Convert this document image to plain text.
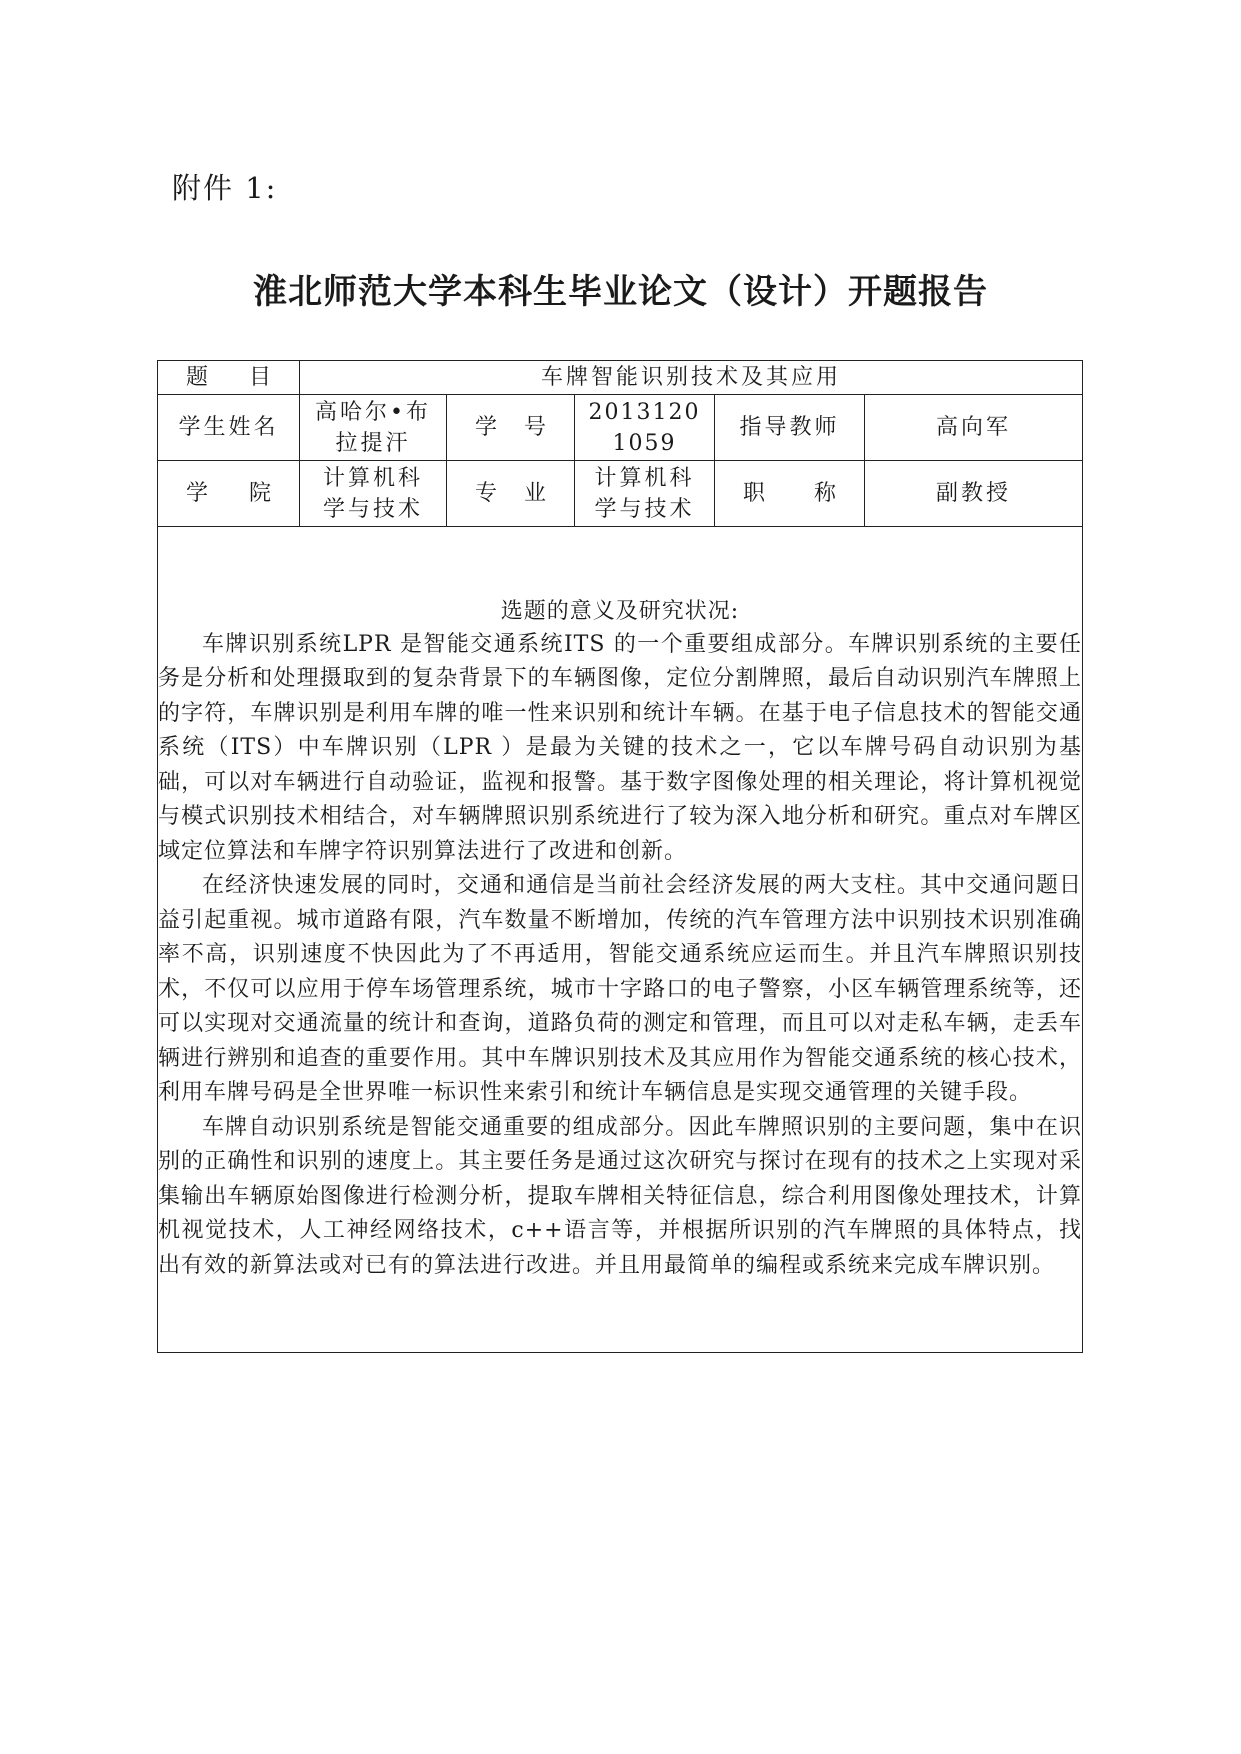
附件 1:
淮北师范大学本科生毕业论文（设计）开题报告
题 目	车牌智能识别技术及其应用				
学生姓名	高哈尔•布拉提汗	学 号	20131201059	指导教师	高向军

学 院	计算机科学与技术	专 业	计算机科学与技术	职 称	副教授

选题的意义及研究状况:

车牌识别系统LPR 是智能交通系统ITS 的一个重要组成部分。车牌识别系统的主要任务是分析和处理摄取到的复杂背景下的车辆图像，定位分割牌照，最后自动识别汽车牌照上的字符，车牌识别是利用车牌的唯一性来识别和统计车辆。在基于电子信息技术的智能交通系统（ITS）中车牌识别（LPR ）是最为关键的技术之一，它以车牌号码自动识别为基础，可以对车辆进行自动验证，监视和报警。基于数字图像处理的相关理论，将计算机视觉与模式识别技术相结合，对车辆牌照识别系统进行了较为深入地分析和研究。重点对车牌区域定位算法和车牌字符识别算法进行了改进和创新。

在经济快速发展的同时，交通和通信是当前社会经济发展的两大支柱。其中交通问题日益引起重视。城市道路有限，汽车数量不断增加，传统的汽车管理方法中识别技术识别准确率不高，识别速度不快因此为了不再适用，智能交通系统应运而生。并且汽车牌照识别技术，不仅可以应用于停车场管理系统，城市十字路口的电子警察，小区车辆管理系统等，还可以实现对交通流量的统计和查询，道路负荷的测定和管理，而且可以对走私车辆，走丢车辆进行辨别和追查的重要作用。其中车牌识别技术及其应用作为智能交通系统的核心技术，利用车牌号码是全世界唯一标识性来索引和统计车辆信息是实现交通管理的关键手段。

车牌自动识别系统是智能交通重要的组成部分。因此车牌照识别的主要问题，集中在识别的正确性和识别的速度上。其主要任务是通过这次研究与探讨在现有的技术之上实现对采集输出车辆原始图像进行检测分析，提取车牌相关特征信息，综合利用图像处理技术，计算机视觉技术，人工神经网络技术，c++语言等，并根据所识别的汽车牌照的具体特点，找出有效的新算法或对已有的算法进行改进。并且用最简单的编程或系统来完成车牌识别。					
